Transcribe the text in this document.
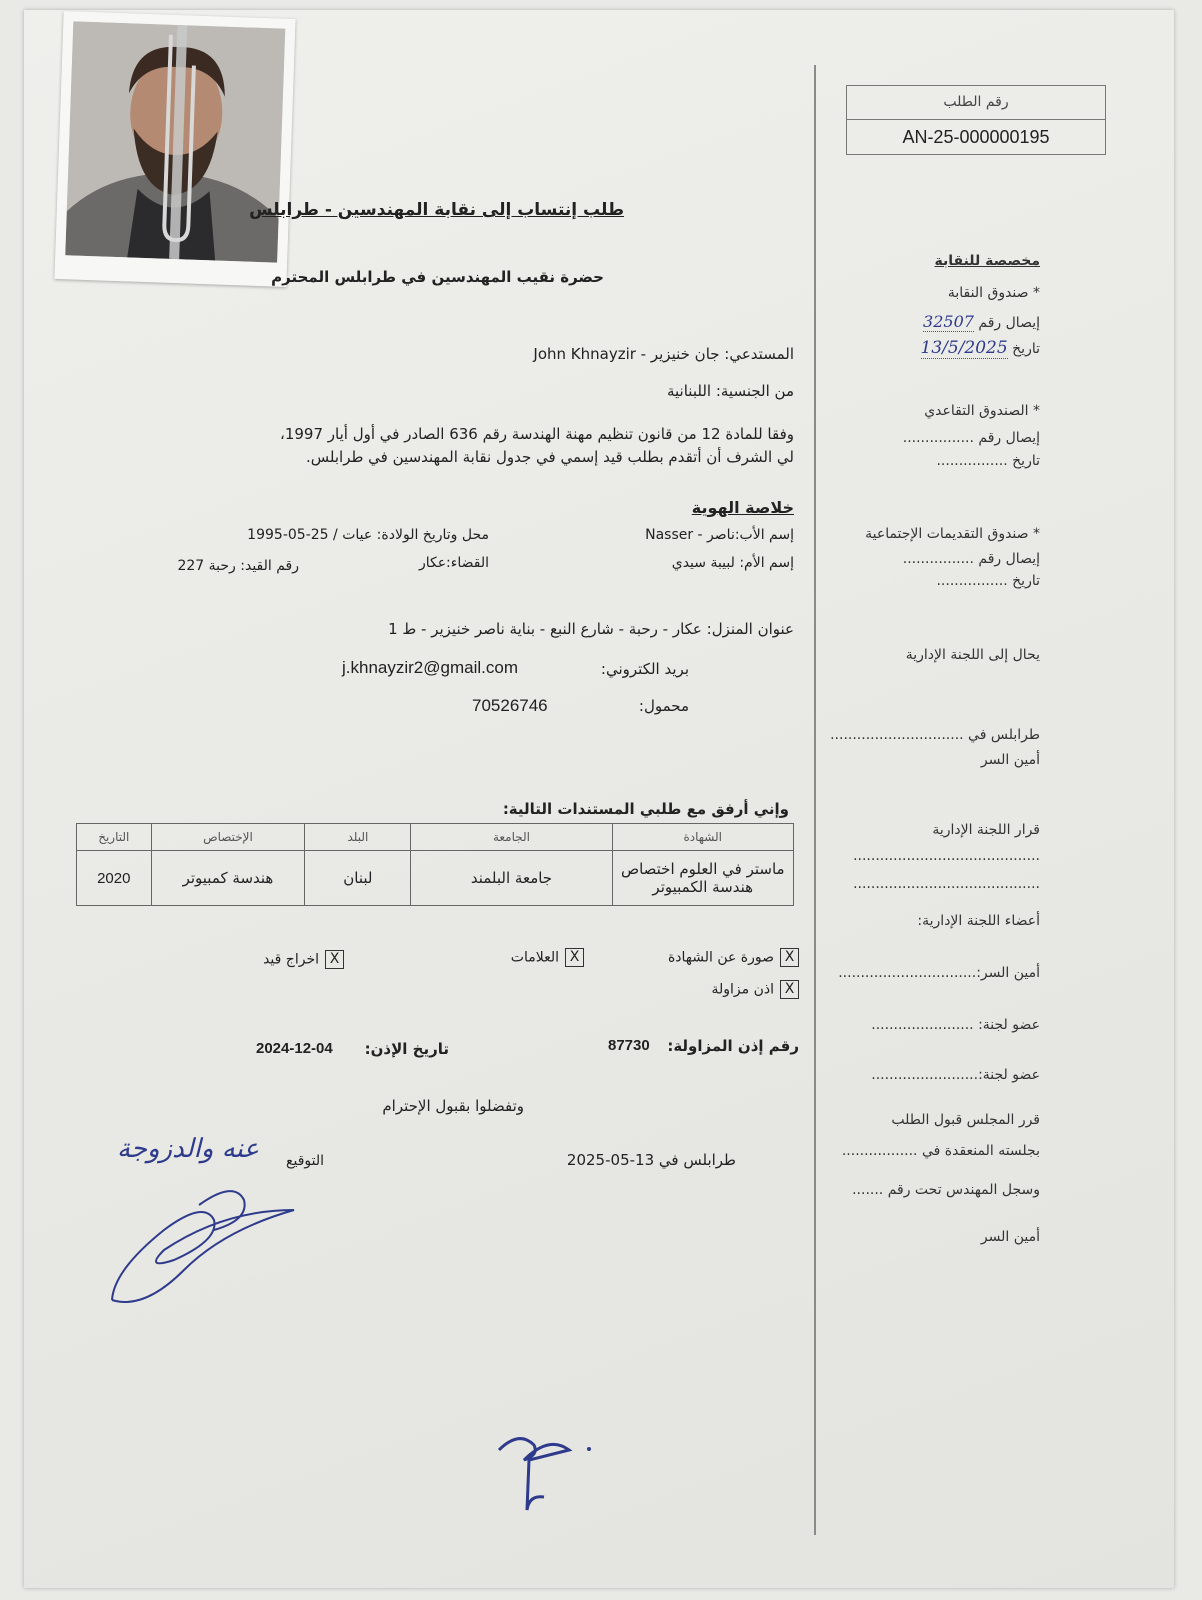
رقم الطلب
AN-25-000000195
طلب إنتساب إلى نقابة المهندسين - طرابلس
حضرة نقيب المهندسين في طرابلس المحترم
المستدعي: جان خنيزير - John Khnayzir
من الجنسية: اللبنانية
وفقا للمادة 12 من قانون تنظيم مهنة الهندسة رقم 636 الصادر في أول أيار 1997،
لي الشرف أن أتقدم بطلب قيد إسمي في جدول نقابة المهندسين في طرابلس.
خلاصة الهوية
إسم الأب:ناصر - Nasser
محل وتاريخ الولادة: عيات / 25-05-1995
إسم الأم: لبيبة سيدي
القضاء:عكار
رقم القيد: رحبة 227
عنوان المنزل: عكار - رحبة - شارع النبع - بناية ناصر خنيزير - ط 1
بريد الكتروني:
j.khnayzir2@gmail.com
محمول:
70526746
وإني أرفق مع طلبي المستندات التالية:
الشهادة	الجامعة	البلد	الإختصاص	التاريخ
ماستر في العلوم اختصاص هندسة الكمبيوتر	جامعة البلمند	لبنان	هندسة كمبيوتر	2020
Xصورة عن الشهادة
Xالعلامات
Xاخراج قيد
Xاذن مزاولة
رقم إذن المزاولة:
87730
تاريخ الإذن:
2024-12-04
وتفضلوا بقبول الإحترام
طرابلس في 13-05-2025
التوقيع
عنه والدزوجة
مخصصة للنقابة
* صندوق النقابة
إيصال رقم 32507
تاريخ 13/5/2025
* الصندوق التقاعدي
إيصال رقم ................
تاريخ ................
* صندوق التقديمات الإجتماعية
إيصال رقم ................
تاريخ ................
يحال إلى اللجنة الإدارية
طرابلس في ..............................
أمين السر
قرار اللجنة الإدارية
..........................................
..........................................
أعضاء اللجنة الإدارية:
أمين السر:...............................
عضو لجنة: .......................
عضو لجنة:........................
قرر المجلس قبول الطلب
بجلسته المنعقدة في .................
وسجل المهندس تحت رقم .......
أمين السر
